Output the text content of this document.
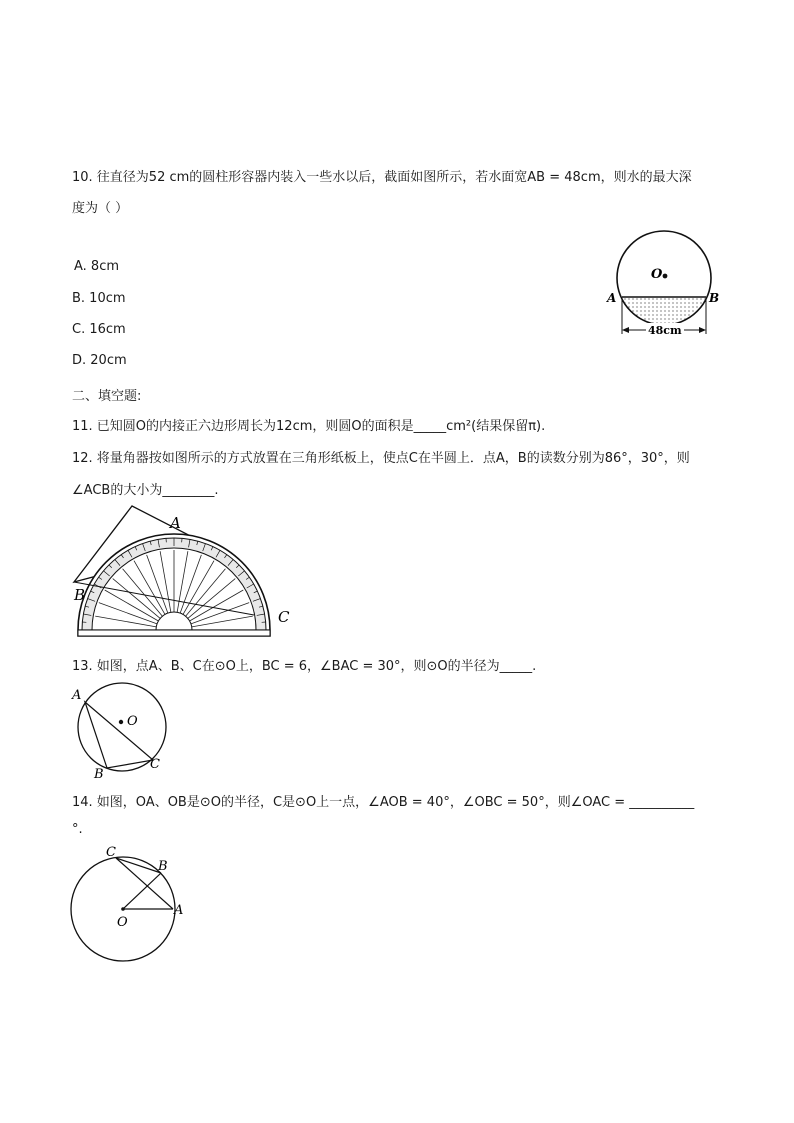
10. 往直径为52 cm的圆柱形容器内装入一些水以后，截面如图所示，若水面宽AB = 48cm，则水的最大深
度为（ ）
A. 8cm
B. 10cm
C. 16cm
D. 20cm
O
A	B
48cm
二、填空题:
11. 已知圆O的内接正六边形周长为12cm，则圆O的面积是_____cm²(结果保留π).
12. 将量角器按如图所示的方式放置在三角形纸板上，使点C在半圆上．点A，B的读数分别为86°，30°，则
∠ACB的大小为________.
A
B
C
13. 如图，点A、B、C在⊙O上，BC = 6，∠BAC = 30°，则⊙O的半径为_____.
A
O
B
C
14. 如图，OA、OB是⊙O的半径，C是⊙O上一点，∠AOB = 40°，∠OBC = 50°，则∠OAC = __________
°.
C
B
O
A
